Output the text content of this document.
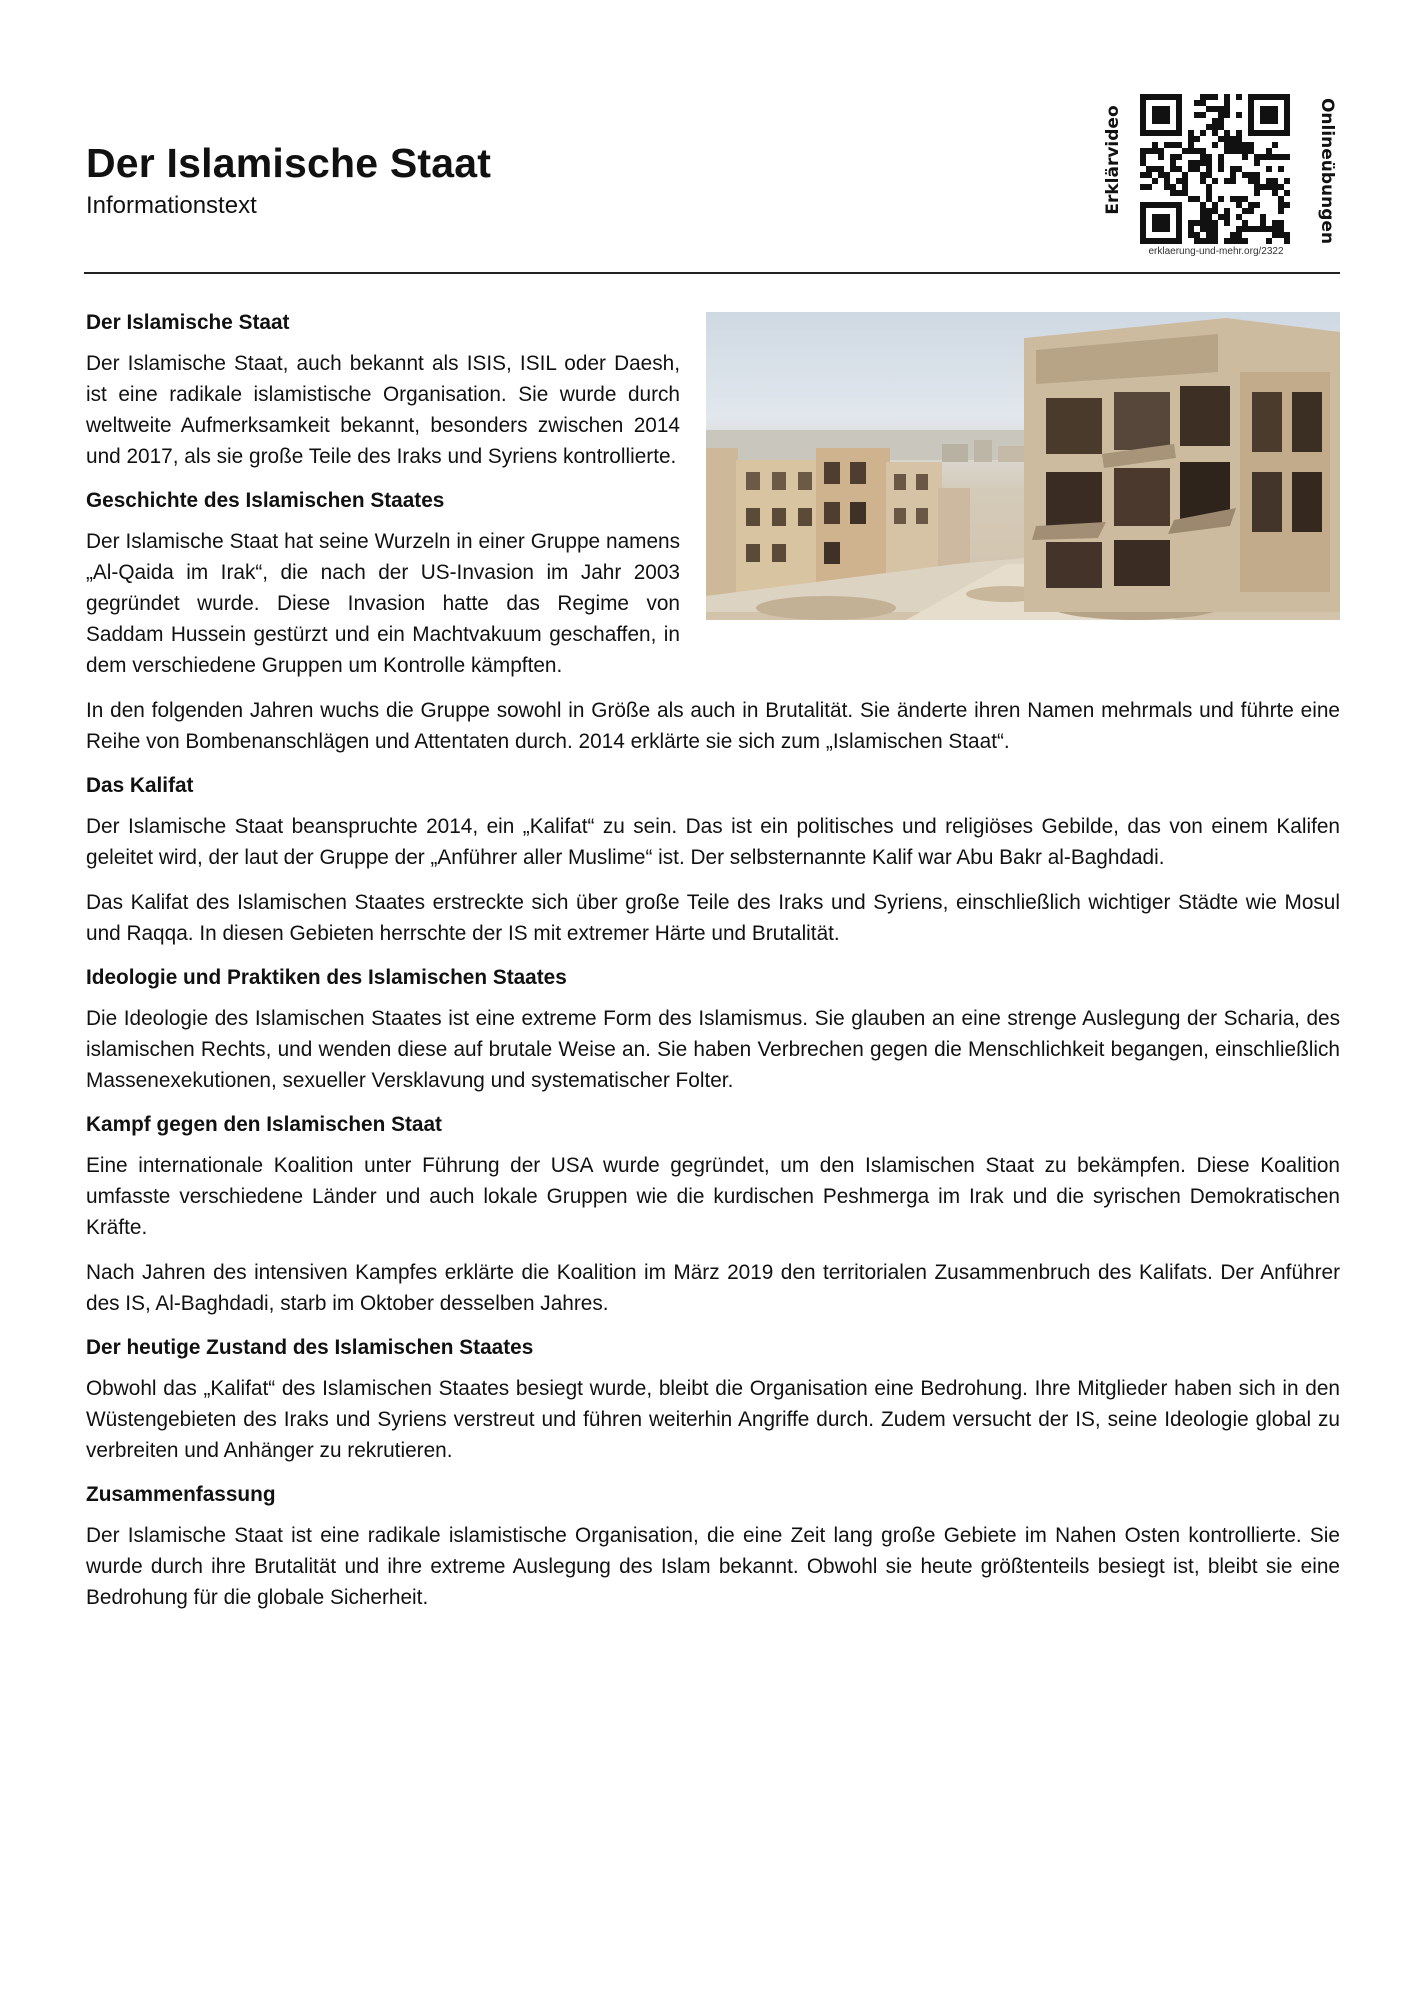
Der Islamische Staat

Informationstext	Erklärvideo	Onlineübungen
erklaerung-und-mehr.org/2322
Der Islamische Staat

Der Islamische Staat, auch bekannt als ISIS, ISIL oder Daesh, ist eine radikale islamistische Organisation. Sie wurde durch weltweite Aufmerksamkeit bekannt, besonders zwischen 2014 und 2017, als sie große Teile des Iraks und Syriens kontrollierte.

Geschichte des Islamischen Staates

Der Islamische Staat hat seine Wurzeln in einer Gruppe namens „Al-Qaida im Irak“, die nach der US-Invasion im Jahr 2003 gegründet wurde. Diese Invasion hatte das Regime von Saddam Hussein gestürzt und ein Machtvakuum geschaffen, in dem verschiedene Gruppen um Kontrolle kämpften.

In den folgenden Jahren wuchs die Gruppe sowohl in Größe als auch in Brutalität. Sie änderte ihren Namen mehrmals und führte eine Reihe von Bombenanschlägen und Attentaten durch. 2014 erklärte sie sich zum „Islamischen Staat“.

Das Kalifat

Der Islamische Staat beanspruchte 2014, ein „Kalifat“ zu sein. Das ist ein politisches und religiöses Gebilde, das von einem Kalifen geleitet wird, der laut der Gruppe der „Anführer aller Muslime“ ist. Der selbsternannte Kalif war Abu Bakr al-Baghdadi.

Das Kalifat des Islamischen Staates erstreckte sich über große Teile des Iraks und Syriens, einschließlich wichtiger Städte wie Mosul und Raqqa. In diesen Gebieten herrschte der IS mit extremer Härte und Brutalität.

Ideologie und Praktiken des Islamischen Staates

Die Ideologie des Islamischen Staates ist eine extreme Form des Islamismus. Sie glauben an eine strenge Auslegung der Scharia, des islamischen Rechts, und wenden diese auf brutale Weise an. Sie haben Verbrechen gegen die Menschlichkeit begangen, einschließlich Massenexekutionen, sexueller Versklavung und systematischer Folter.

Kampf gegen den Islamischen Staat

Eine internationale Koalition unter Führung der USA wurde gegründet, um den Islamischen Staat zu bekämpfen. Diese Koalition umfasste verschiedene Länder und auch lokale Gruppen wie die kurdischen Peshmerga im Irak und die syrischen Demokratischen Kräfte.

Nach Jahren des intensiven Kampfes erklärte die Koalition im März 2019 den territorialen Zusammenbruch des Kalifats. Der Anführer des IS, Al-Baghdadi, starb im Oktober desselben Jahres.

Der heutige Zustand des Islamischen Staates

Obwohl das „Kalifat“ des Islamischen Staates besiegt wurde, bleibt die Organisation eine Bedrohung. Ihre Mitglieder haben sich in den Wüstengebieten des Iraks und Syriens verstreut und führen weiterhin Angriffe durch. Zudem versucht der IS, seine Ideologie global zu verbreiten und Anhänger zu rekrutieren.

Zusammenfassung

Der Islamische Staat ist eine radikale islamistische Organisation, die eine Zeit lang große Gebiete im Nahen Osten kontrollierte. Sie wurde durch ihre Brutalität und ihre extreme Auslegung des Islam bekannt. Obwohl sie heute größtenteils besiegt ist, bleibt sie eine Bedrohung für die globale Sicherheit.
